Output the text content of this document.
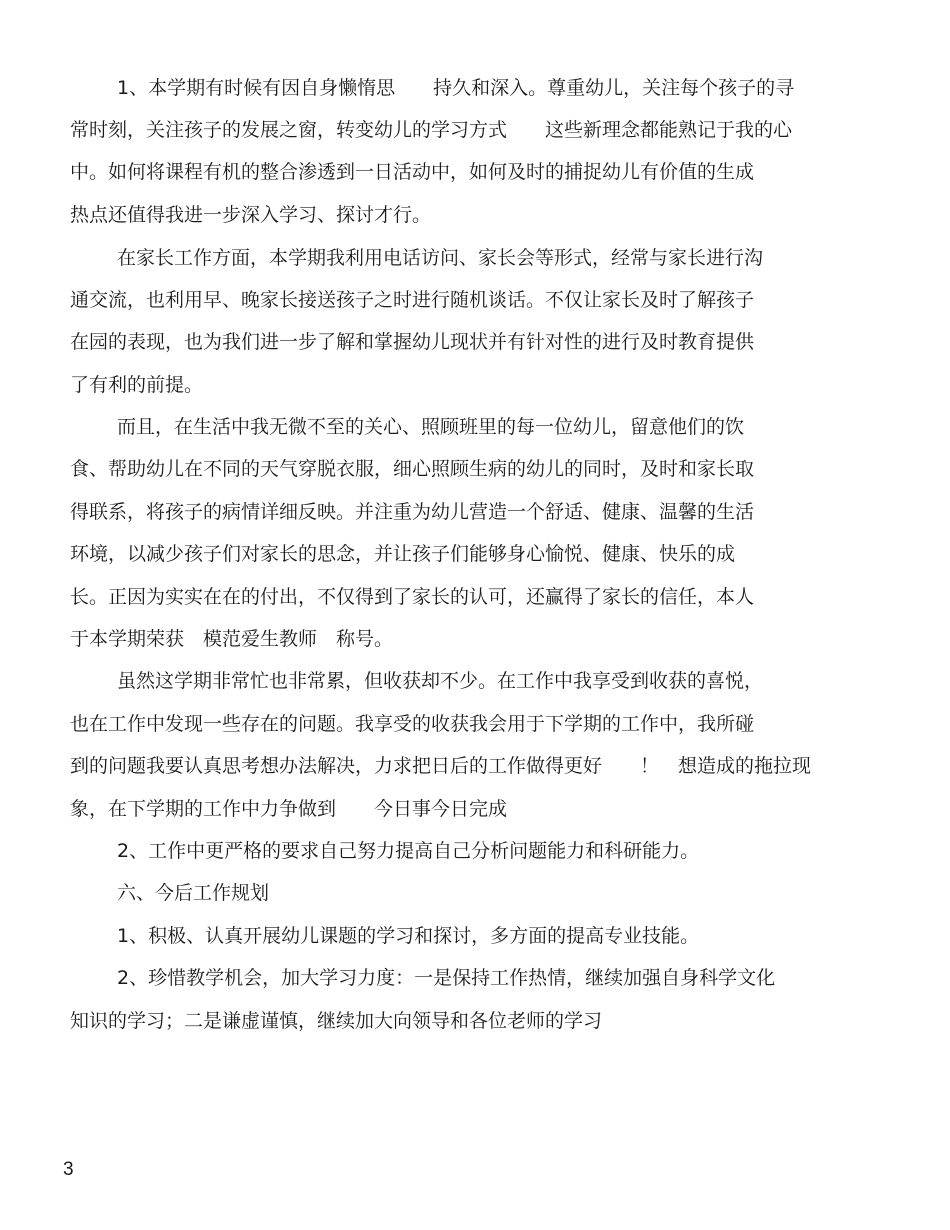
1、本学期有时候有因自身懒惰思　　持久和深入。尊重幼儿，关注每个孩子的寻
常时刻，关注孩子的发展之窗，转变幼儿的学习方式　　这些新理念都能熟记于我的心
中。如何将课程有机的整合渗透到一日活动中，如何及时的捕捉幼儿有价值的生成
热点还值得我进一步深入学习、探讨才行。
在家长工作方面，本学期我利用电话访问、家长会等形式，经常与家长进行沟
通交流，也利用早、晚家长接送孩子之时进行随机谈话。不仅让家长及时了解孩子
在园的表现，也为我们进一步了解和掌握幼儿现状并有针对性的进行及时教育提供
了有利的前提。
而且，在生活中我无微不至的关心、照顾班里的每一位幼儿，留意他们的饮
食、帮助幼儿在不同的天气穿脱衣服，细心照顾生病的幼儿的同时，及时和家长取
得联系，将孩子的病情详细反映。并注重为幼儿营造一个舒适、健康、温馨的生活
环境，以减少孩子们对家长的思念，并让孩子们能够身心愉悦、健康、快乐的成
长。正因为实实在在的付出，不仅得到了家长的认可，还赢得了家长的信任，本人
于本学期荣获　模范爱生教师　称号。
虽然这学期非常忙也非常累，但收获却不少。在工作中我享受到收获的喜悦，
也在工作中发现一些存在的问题。我享受的收获我会用于下学期的工作中，我所碰
到的问题我要认真思考想办法解决，力求把日后的工作做得更好　　！　想造成的拖拉现
象，在下学期的工作中力争做到　　今日事今日完成
2、工作中更严格的要求自己努力提高自己分析问题能力和科研能力。
六、今后工作规划
1、积极、认真开展幼儿课题的学习和探讨，多方面的提高专业技能。
2、珍惜教学机会，加大学习力度：一是保持工作热情，继续加强自身科学文化
知识的学习；二是谦虚谨慎，继续加大向领导和各位老师的学习
3
